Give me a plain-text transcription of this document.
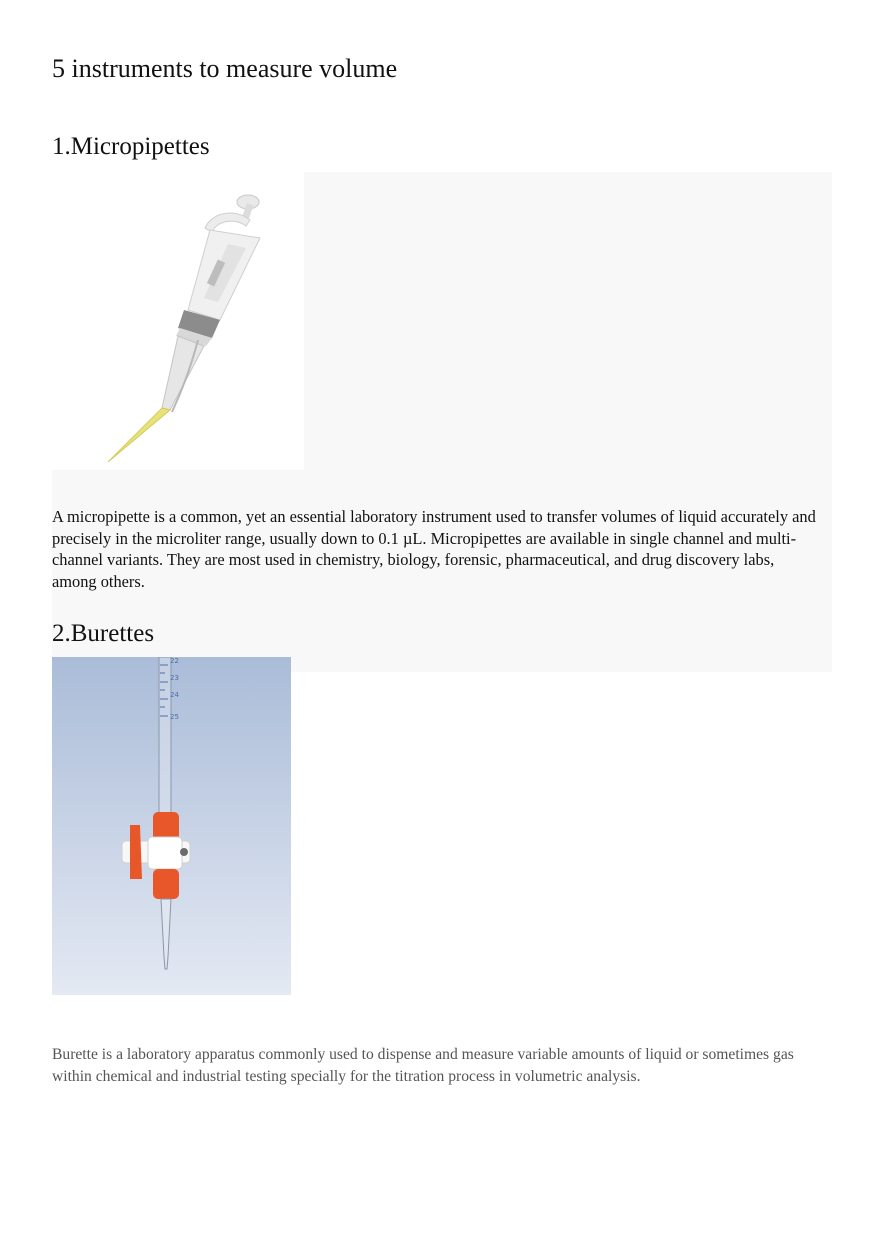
5 instruments to measure volume
1.Micropipettes

A micropipette is a common, yet an essential laboratory instrument used to transfer volumes of liquid accurately and precisely in the microliter range, usually down to 0.1 µL. Micropipettes are available in single channel and multi-channel variants. They are most used in chemistry, biology, forensic, pharmaceutical, and drug discovery labs, among others.

2.Burettes
22
23
24
25

Burette is a laboratory apparatus commonly used to dispense and measure variable amounts of liquid or sometimes gas within chemical and industrial testing specially for the titration process in volumetric analysis.
